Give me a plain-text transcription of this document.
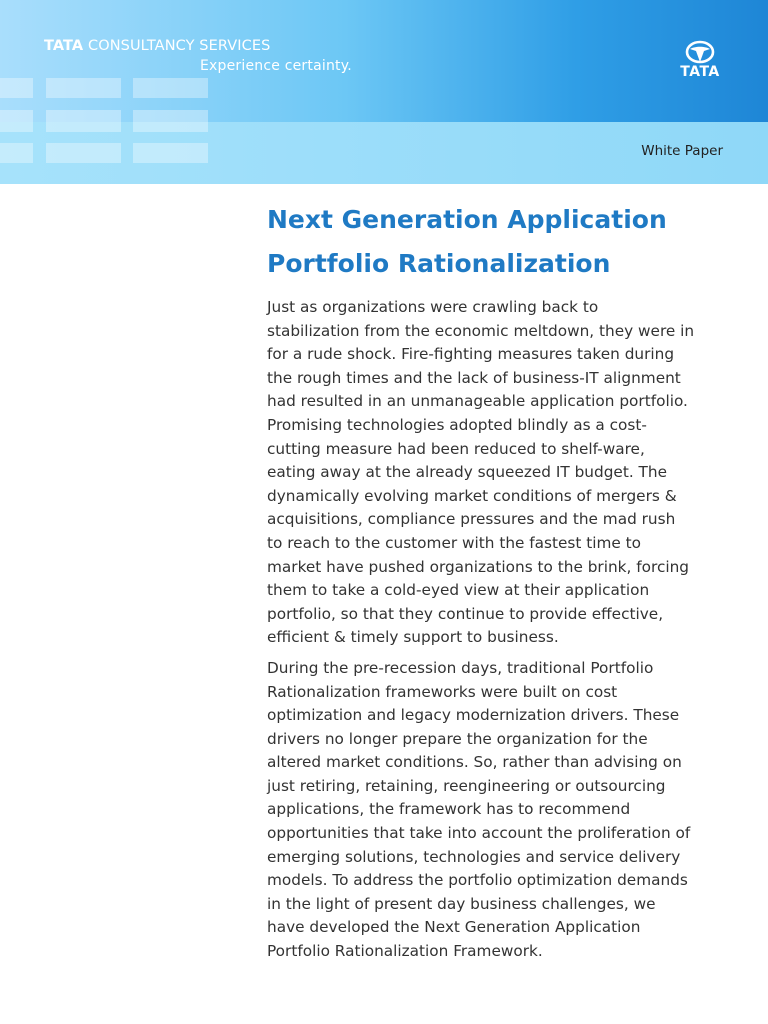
TATA CONSULTANCY SERVICES
Experience certainty.	TATA
White Paper
Next Generation Application
Portfolio Rationalization

Just as organizations were crawling back to stabilization from the economic meltdown, they were in for a rude shock. Fire-fighting measures taken during the rough times and the lack of business-IT alignment had resulted in an unmanageable application portfolio. Promising technologies adopted blindly as a cost-cutting measure had been reduced to shelf-ware, eating away at the already squeezed IT budget. The dynamically evolving market conditions of mergers & acquisitions, compliance pressures and the mad rush to reach to the customer with the fastest time to market have pushed organizations to the brink, forcing them to take a cold-eyed view at their application portfolio, so that they continue to provide effective, efficient & timely support to business.

During the pre-recession days, traditional Portfolio Rationalization frameworks were built on cost optimization and legacy modernization drivers. These drivers no longer prepare the organization for the altered market conditions. So, rather than advising on just retiring, retaining, reengineering or outsourcing applications, the framework has to recommend opportunities that take into account the proliferation of emerging solutions, technologies and service delivery models. To address the portfolio optimization demands in the light of present day business challenges, we have developed the Next Generation Application Portfolio Rationalization Framework.
